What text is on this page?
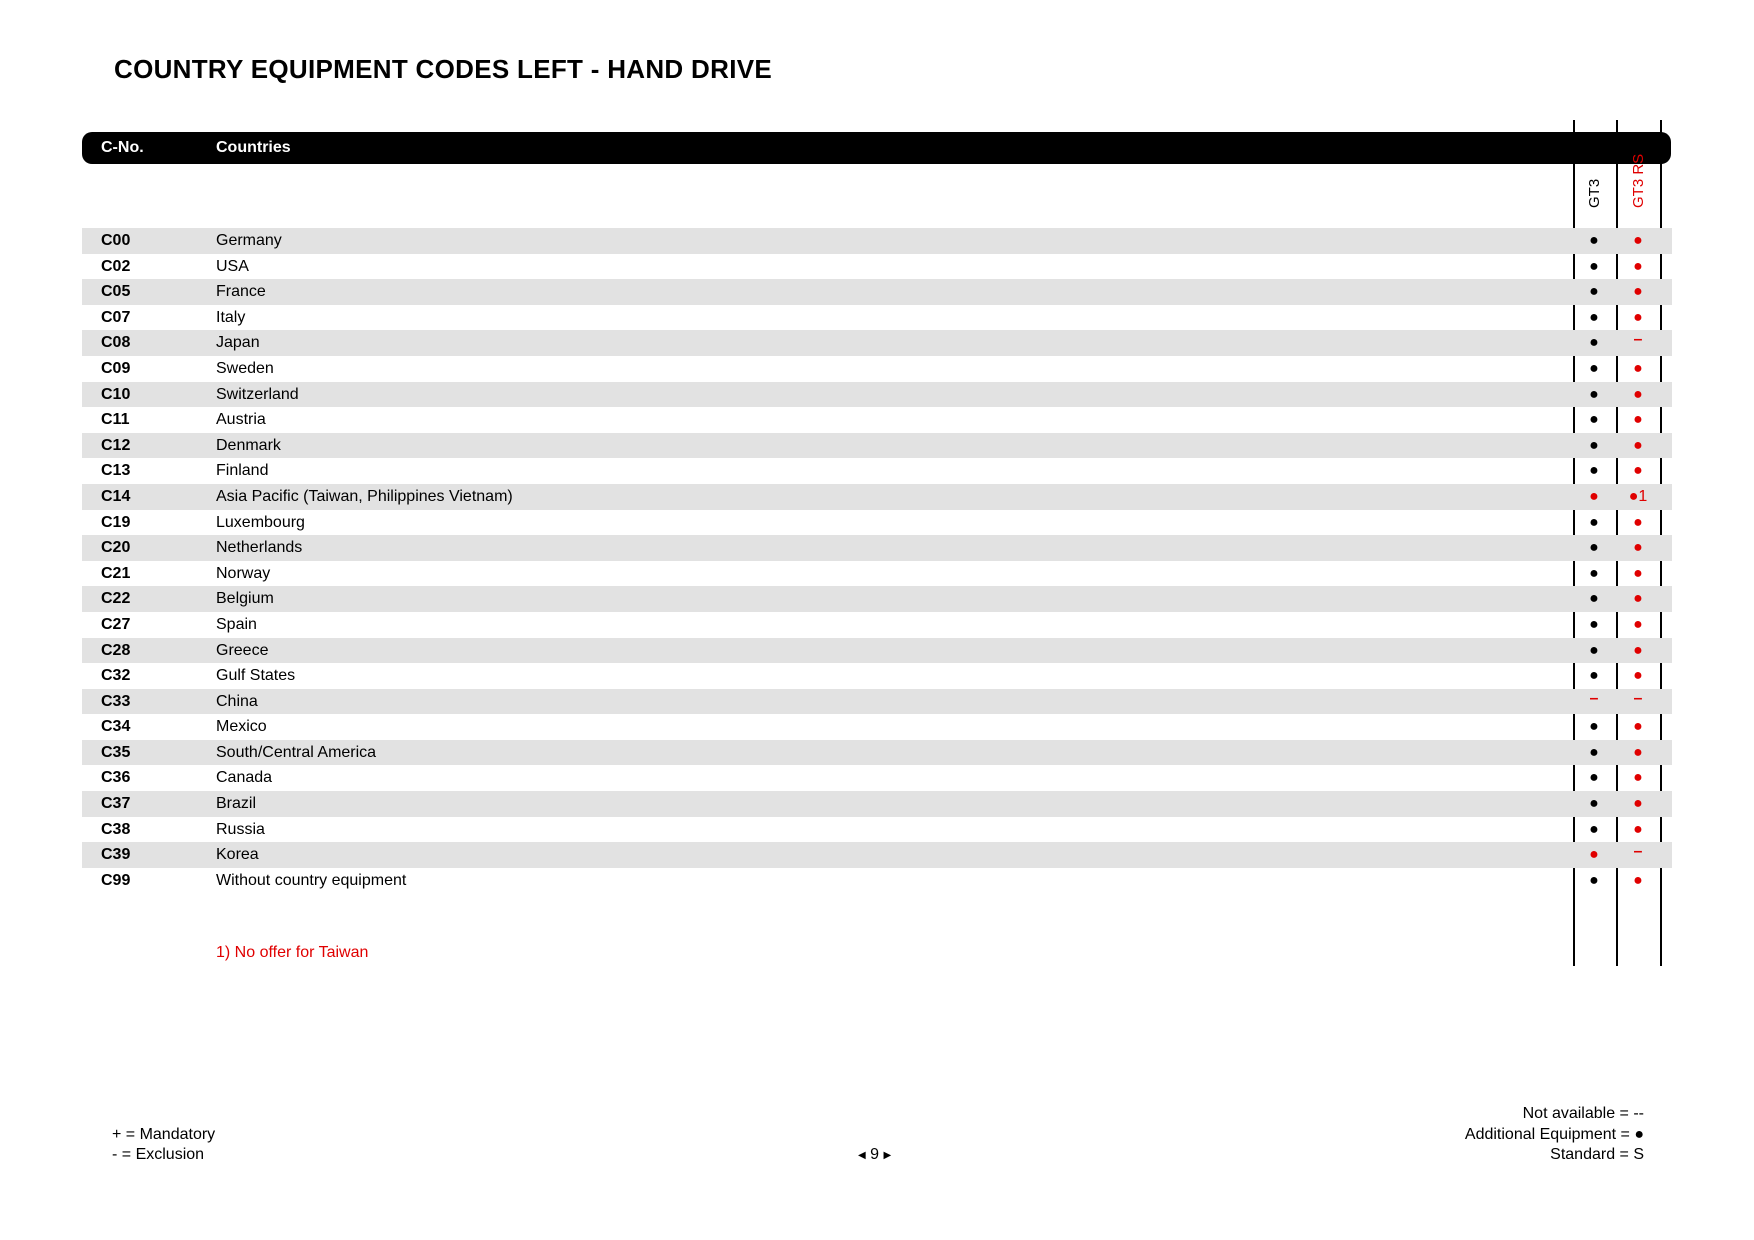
COUNTRY EQUIPMENT CODES LEFT - HAND DRIVE
C-No.	Countries
GT3 GT3 RS
C00	Germany	●	●
C02	USA	●	●
C05	France	●	●
C07	Italy	●	●
C08	Japan	●	–
C09	Sweden	●	●
C10	Switzerland	●	●
C11	Austria	●	●
C12	Denmark	●	●
C13	Finland	●	●
C14	Asia Pacific (Taiwan, Philippines Vietnam)	●	●1
C19	Luxembourg	●	●
C20	Netherlands	●	●
C21	Norway	●	●
C22	Belgium	●	●
C27	Spain	●	●
C28	Greece	●	●
C32	Gulf States	●	●
C33	China	–	–
C34	Mexico	●	●
C35	South/Central America	●	●
C36	Canada	●	●
C37	Brazil	●	●
C38	Russia	●	●
C39	Korea	●	–
C99	Without country equipment	●	●
1) No offer for Taiwan
+ = Mandatory
- = Exclusion
Not available = --
Additional Equipment = ●
Standard = S
◀ 9 ▶
